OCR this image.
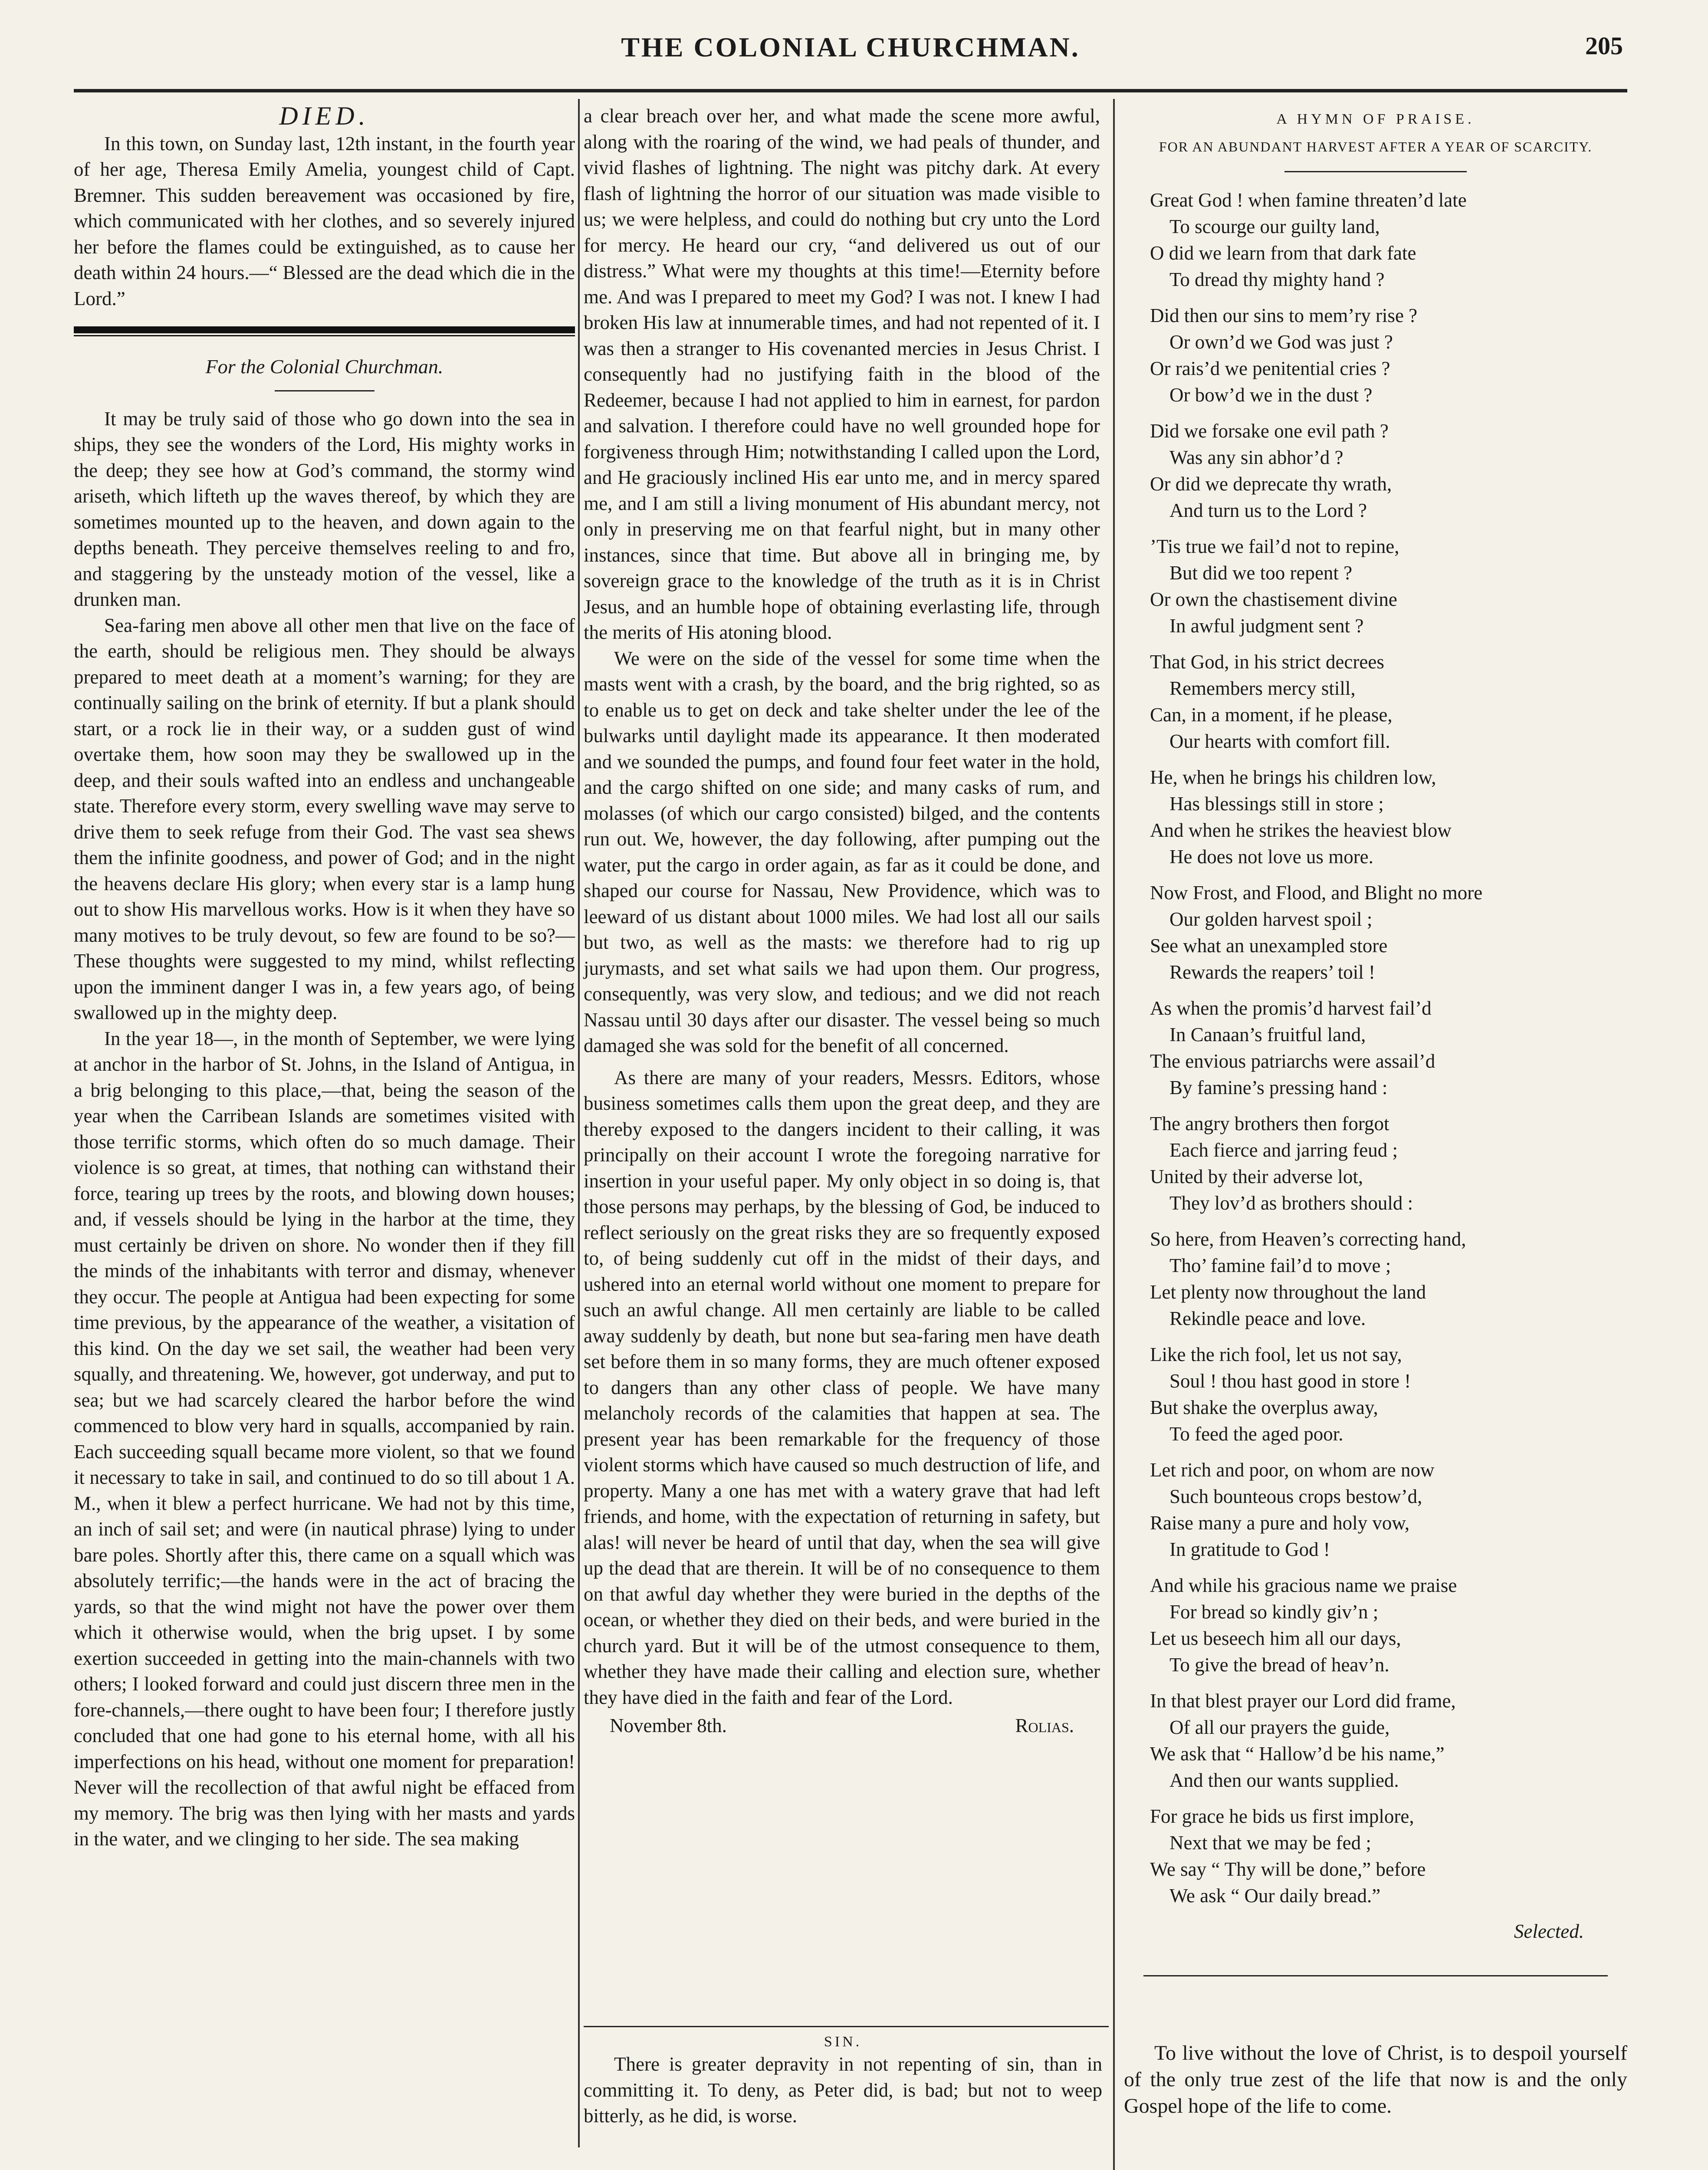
THE COLONIAL CHURCHMAN.	205
DIED.

In this town, on Sunday last, 12th instant, in the fourth year of her age, Theresa Emily Amelia, youngest child of Capt. Bremner. This sudden bereavement was occasioned by fire, which communicated with her clothes, and so severely injured her before the flames could be extinguished, as to cause her death within 24 hours.—“ Blessed are the dead which die in the Lord.”

For the Colonial Churchman.

It may be truly said of those who go down into the sea in ships, they see the wonders of the Lord, His mighty works in the deep; they see how at God’s command, the stormy wind ariseth, which lifteth up the waves thereof, by which they are sometimes mounted up to the heaven, and down again to the depths beneath. They perceive themselves reeling to and fro, and staggering by the unsteady motion of the vessel, like a drunken man.

Sea-faring men above all other men that live on the face of the earth, should be religious men. They should be always prepared to meet death at a moment’s warning; for they are continually sailing on the brink of eternity. If but a plank should start, or a rock lie in their way, or a sudden gust of wind overtake them, how soon may they be swallowed up in the deep, and their souls wafted into an endless and unchangeable state. Therefore every storm, every swelling wave may serve to drive them to seek refuge from their God. The vast sea shews them the infinite goodness, and power of God; and in the night the heavens declare His glory; when every star is a lamp hung out to show His marvellous works. How is it when they have so many motives to be truly devout, so few are found to be so?—These thoughts were suggested to my mind, whilst reflecting upon the imminent danger I was in, a few years ago, of being swallowed up in the mighty deep.

In the year 18—, in the month of September, we were lying at anchor in the harbor of St. Johns, in the Island of Antigua, in a brig belonging to this place,—that, being the season of the year when the Carribean Islands are sometimes visited with those terrific storms, which often do so much damage. Their violence is so great, at times, that nothing can withstand their force, tearing up trees by the roots, and blowing down houses; and, if vessels should be lying in the harbor at the time, they must certainly be driven on shore. No wonder then if they fill the minds of the inhabitants with terror and dismay, whenever they occur. The people at Antigua had been expecting for some time previous, by the appearance of the weather, a visitation of this kind. On the day we set sail, the weather had been very squally, and threatening. We, however, got underway, and put to sea; but we had scarcely cleared the harbor before the wind commenced to blow very hard in squalls, accompanied by rain. Each succeeding squall became more violent, so that we found it necessary to take in sail, and continued to do so till about 1 A. M., when it blew a perfect hurricane. We had not by this time, an inch of sail set; and were (in nautical phrase) lying to under bare poles. Shortly after this, there came on a squall which was absolutely terrific;—the hands were in the act of bracing the yards, so that the wind might not have the power over them which it otherwise would, when the brig upset. I by some exertion succeeded in getting into the main-channels with two others; I looked forward and could just discern three men in the fore-channels,—there ought to have been four; I therefore justly concluded that one had gone to his eternal home, with all his imperfections on his head, without one moment for preparation! Never will the recollection of that awful night be effaced from my memory. The brig was then lying with her masts and yards in the water, and we clinging to her side. The sea making

a clear breach over her, and what made the scene more awful, along with the roaring of the wind, we had peals of thunder, and vivid flashes of lightning. The night was pitchy dark. At every flash of lightning the horror of our situation was made visible to us; we were helpless, and could do nothing but cry unto the Lord for mercy. He heard our cry, “and delivered us out of our distress.” What were my thoughts at this time!—Eternity before me. And was I prepared to meet my God? I was not. I knew I had broken His law at innumerable times, and had not repented of it. I was then a stranger to His covenanted mercies in Jesus Christ. I consequently had no justifying faith in the blood of the Redeemer, because I had not applied to him in earnest, for pardon and salvation. I therefore could have no well grounded hope for forgiveness through Him; notwithstanding I called upon the Lord, and He graciously inclined His ear unto me, and in mercy spared me, and I am still a living monument of His abundant mercy, not only in preserving me on that fearful night, but in many other instances, since that time. But above all in bringing me, by sovereign grace to the knowledge of the truth as it is in Christ Jesus, and an humble hope of obtaining everlasting life, through the merits of His atoning blood.

We were on the side of the vessel for some time when the masts went with a crash, by the board, and the brig righted, so as to enable us to get on deck and take shelter under the lee of the bulwarks until daylight made its appearance. It then moderated and we sounded the pumps, and found four feet water in the hold, and the cargo shifted on one side; and many casks of rum, and molasses (of which our cargo consisted) bilged, and the contents run out. We, however, the day following, after pumping out the water, put the cargo in order again, as far as it could be done, and shaped our course for Nassau, New Providence, which was to leeward of us distant about 1000 miles. We had lost all our sails but two, as well as the masts: we therefore had to rig up jurymasts, and set what sails we had upon them. Our progress, consequently, was very slow, and tedious; and we did not reach Nassau until 30 days after our disaster. The vessel being so much damaged she was sold for the benefit of all concerned.

As there are many of your readers, Messrs. Editors, whose business sometimes calls them upon the great deep, and they are thereby exposed to the dangers incident to their calling, it was principally on their account I wrote the foregoing narrative for insertion in your useful paper. My only object in so doing is, that those persons may perhaps, by the blessing of God, be induced to reflect seriously on the great risks they are so frequently exposed to, of being suddenly cut off in the midst of their days, and ushered into an eternal world without one moment to prepare for such an awful change. All men certainly are liable to be called away suddenly by death, but none but sea-faring men have death set before them in so many forms, they are much oftener exposed to dangers than any other class of people. We have many melancholy records of the calamities that happen at sea. The present year has been remarkable for the frequency of those violent storms which have caused so much destruction of life, and property. Many a one has met with a watery grave that had left friends, and home, with the expectation of returning in safety, but alas! will never be heard of until that day, when the sea will give up the dead that are therein. It will be of no consequence to them on that awful day whether they were buried in the depths of the ocean, or whether they died on their beds, and were buried in the church yard. But it will be of the utmost consequence to them, whether they have made their calling and election sure, whether they have died in the faith and fear of the Lord.

November 8th.	Rolias.
SIN.

There is greater depravity in not repenting of sin, than in committing it. To deny, as Peter did, is bad; but not to weep bitterly, as he did, is worse.

A HYMN OF PRAISE.
FOR AN ABUNDANT HARVEST AFTER A YEAR OF SCARCITY.
Great God ! when famine threaten’d late
To scourge our guilty land,
O did we learn from that dark fate
To dread thy mighty hand ?
Did then our sins to mem’ry rise ?
Or own’d we God was just ?
Or rais’d we penitential cries ?
Or bow’d we in the dust ?
Did we forsake one evil path ?
Was any sin abhor’d ?
Or did we deprecate thy wrath,
And turn us to the Lord ?
’Tis true we fail’d not to repine,
But did we too repent ?
Or own the chastisement divine
In awful judgment sent ?
That God, in his strict decrees
Remembers mercy still,
Can, in a moment, if he please,
Our hearts with comfort fill.
He, when he brings his children low,
Has blessings still in store ;
And when he strikes the heaviest blow
He does not love us more.
Now Frost, and Flood, and Blight no more
Our golden harvest spoil ;
See what an unexampled store
Rewards the reapers’ toil !
As when the promis’d harvest fail’d
In Canaan’s fruitful land,
The envious patriarchs were assail’d
By famine’s pressing hand :
The angry brothers then forgot
Each fierce and jarring feud ;
United by their adverse lot,
They lov’d as brothers should :
So here, from Heaven’s correcting hand,
Tho’ famine fail’d to move ;
Let plenty now throughout the land
Rekindle peace and love.
Like the rich fool, let us not say,
Soul ! thou hast good in store !
But shake the overplus away,
To feed the aged poor.
Let rich and poor, on whom are now
Such bounteous crops bestow’d,
Raise many a pure and holy vow,
In gratitude to God !
And while his gracious name we praise
For bread so kindly giv’n ;
Let us beseech him all our days,
To give the bread of heav’n.
In that blest prayer our Lord did frame,
Of all our prayers the guide,
We ask that “ Hallow’d be his name,”
And then our wants supplied.
For grace he bids us first implore,
Next that we may be fed ;
We say “ Thy will be done,” before
We ask “ Our daily bread.”
Selected.

To live without the love of Christ, is to despoil yourself of the only true zest of the life that now is and the only Gospel hope of the life to come.
